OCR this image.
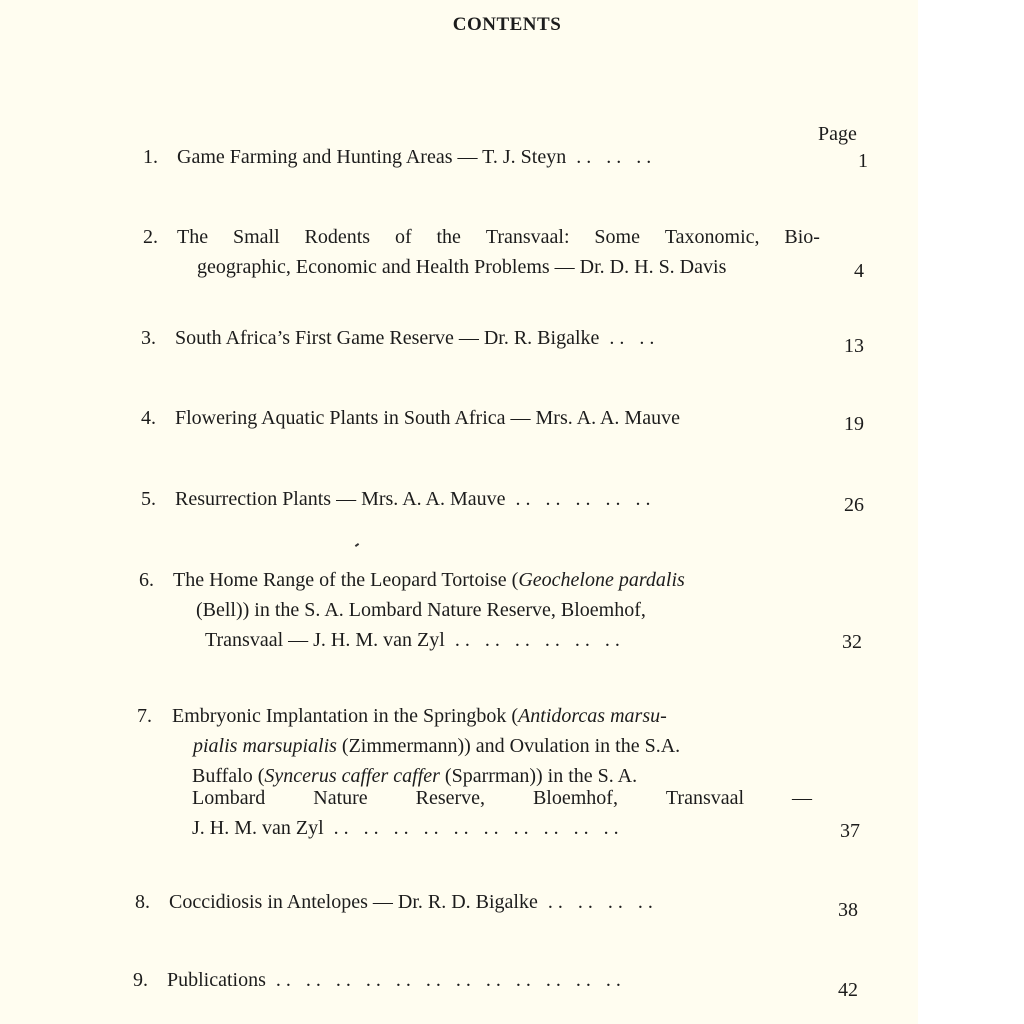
CONTENTS
Page
1. Game Farming and Hunting Areas — T. J. Steyn . .   . .   . .	1
2. The Small Rodents of the Transvaal: Some Taxonomic, Bio-
geographic, Economic and Health Problems — Dr. D. H. S. Davis	4
3. South Africa’s First Game Reserve — Dr. R. Bigalke . .   . .	13
4. Flowering Aquatic Plants in South Africa — Mrs. A. A. Mauve	19
5. Resurrection Plants — Mrs. A. A. Mauve . .   . .   . .   . .   . .	26
6. The Home Range of the Leopard Tortoise (Geochelone pardalis
(Bell)) in the S. A. Lombard Nature Reserve, Bloemhof,
Transvaal — J. H. M. van Zyl . .   . .   . .   . .   . .   . .	32
7. Embryonic Implantation in the Springbok (Antidorcas marsu-
pialis marsupialis (Zimmermann)) and Ovulation in the S.A.
Buffalo (Syncerus caffer caffer (Sparrman)) in the S. A.
Lombard Nature Reserve, Bloemhof, Transvaal —
J. H. M. van Zyl . .   . .   . .   . .   . .   . .   . .   . .   . .   . .	37
8. Coccidiosis in Antelopes — Dr. R. D. Bigalke . .   . .   . .   . .	38
9. Publications . .   . .   . .   . .   . .   . .   . .   . .   . .   . .   . .   . .	42
